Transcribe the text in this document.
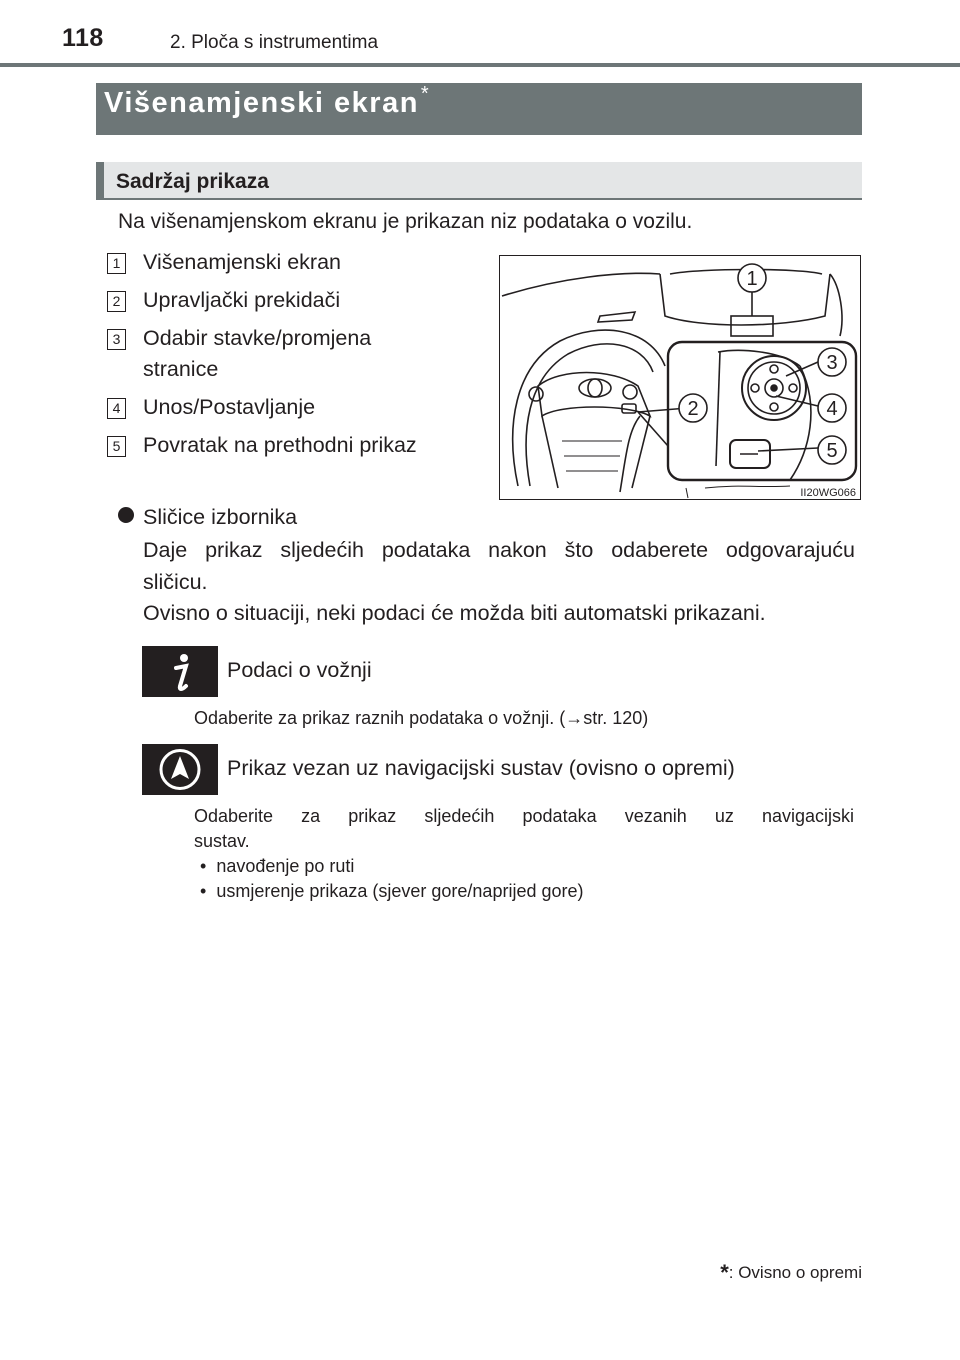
118	2. Ploča s instrumentima
Višenamjenski ekran *
Sadržaj prikaza
Na višenamjenskom ekranu je prikazan niz podataka o vozilu.
1 Višenamjenski ekran
2 Upravljački prekidači
3 Odabir stavke/promjena
stranice
4 Unos/Postavljanje
5 Povratak na prethodni prikaz
1
2
3
4
5
II20WG066
Sličice izbornika
Daje prikaz sljedećih podataka nakon što odaberete odgovarajuću
sličicu.
Ovisno o situaciji, neki podaci će možda biti automatski prikazani.
Podaci o vožnji
Odaberite za prikaz raznih podataka o vožnji. (→str. 120)
Prikaz vezan uz navigacijski sustav (ovisno o opremi)
Odaberite za prikaz sljedećih podataka vezanih uz navigacijski
sustav.
•  navođenje po ruti
•  usmjerenje prikaza (sjever gore/naprijed gore)
*: Ovisno o opremi
